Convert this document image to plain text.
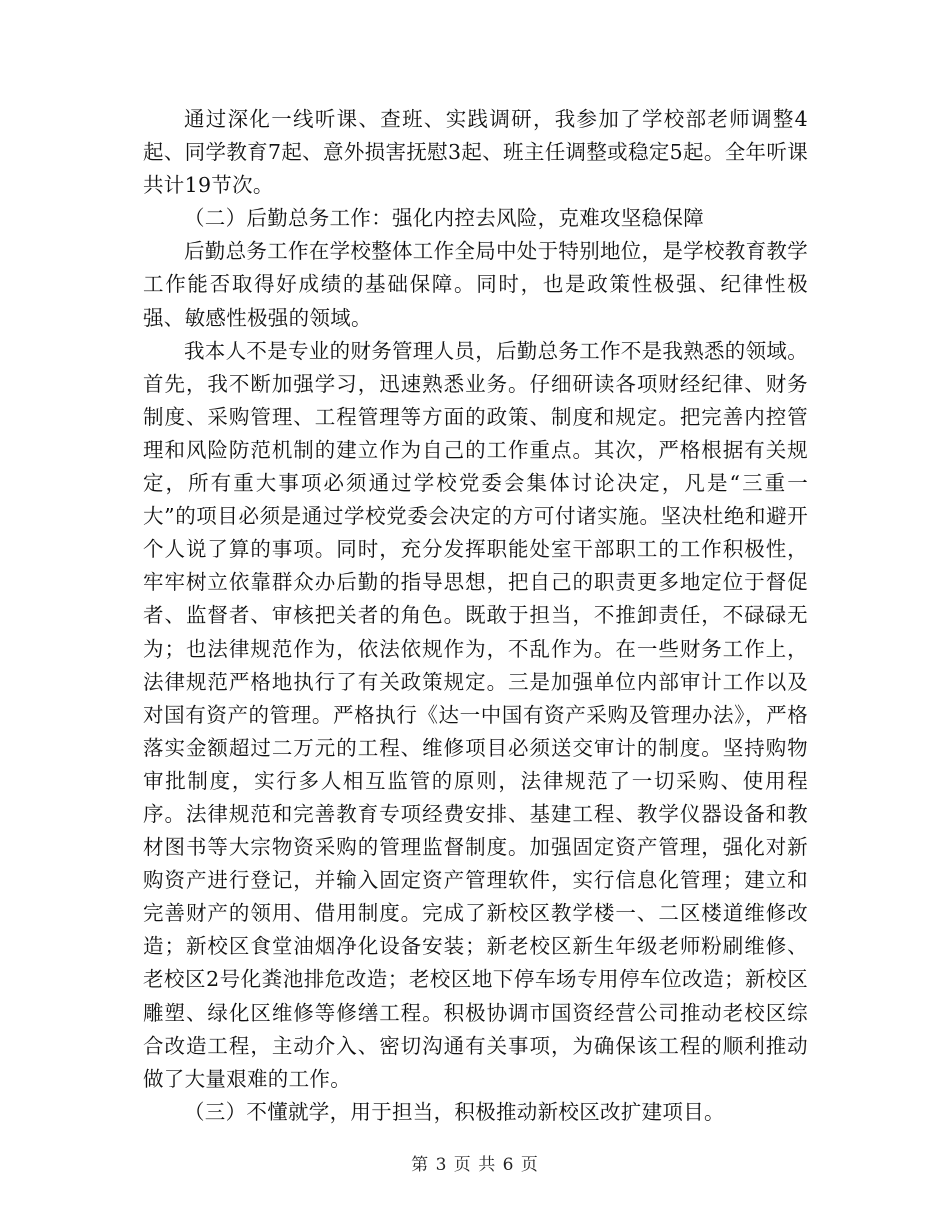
通过深化一线听课、查班、实践调研，我参加了学校部老师调整4起、同学教育7起、意外损害抚慰3起、班主任调整或稳定5起。全年听课共计19节次。

（二）后勤总务工作：强化内控去风险，克难攻坚稳保障

后勤总务工作在学校整体工作全局中处于特别地位，是学校教育教学工作能否取得好成绩的基础保障。同时，也是政策性极强、纪律性极强、敏感性极强的领域。

我本人不是专业的财务管理人员，后勤总务工作不是我熟悉的领域。首先，我不断加强学习，迅速熟悉业务。仔细研读各项财经纪律、财务制度、采购管理、工程管理等方面的政策、制度和规定。把完善内控管理和风险防范机制的建立作为自己的工作重点。其次，严格根据有关规定，所有重大事项必须通过学校党委会集体讨论决定，凡是“三重一大”的项目必须是通过学校党委会决定的方可付诸实施。坚决杜绝和避开个人说了算的事项。同时，充分发挥职能处室干部职工的工作积极性，牢牢树立依靠群众办后勤的指导思想，把自己的职责更多地定位于督促者、监督者、审核把关者的角色。既敢于担当，不推卸责任，不碌碌无为；也法律规范作为，依法依规作为，不乱作为。在一些财务工作上，法律规范严格地执行了有关政策规定。三是加强单位内部审计工作以及对国有资产的管理。严格执行《达一中国有资产采购及管理办法》，严格落实金额超过二万元的工程、维修项目必须送交审计的制度。坚持购物审批制度，实行多人相互监管的原则，法律规范了一切采购、使用程序。法律规范和完善教育专项经费安排、基建工程、教学仪器设备和教材图书等大宗物资采购的管理监督制度。加强固定资产管理，强化对新购资产进行登记，并输入固定资产管理软件，实行信息化管理；建立和完善财产的领用、借用制度。完成了新校区教学楼一、二区楼道维修改造；新校区食堂油烟净化设备安装；新老校区新生年级老师粉刷维修、老校区2号化粪池排危改造；老校区地下停车场专用停车位改造；新校区雕塑、绿化区维修等修缮工程。积极协调市国资经营公司推动老校区综合改造工程，主动介入、密切沟通有关事项，为确保该工程的顺利推动做了大量艰难的工作。

（三）不懂就学，用于担当，积极推动新校区改扩建项目。

第 3 页 共 6 页
